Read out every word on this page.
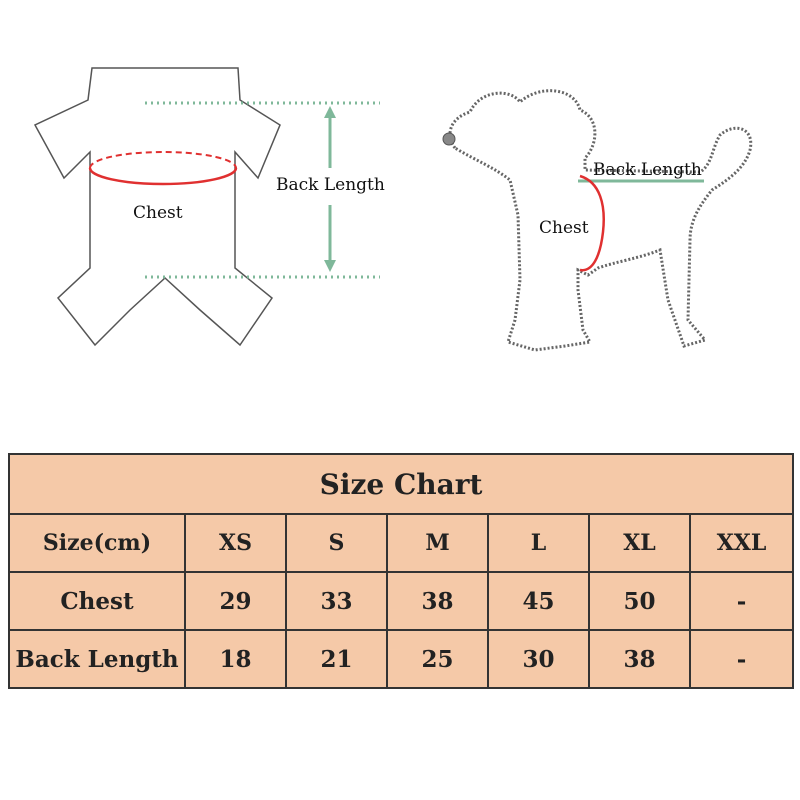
Chest
Back Length
Back Length
Chest
Size Chart						
Size(cm)	XS	S	M	L	XL	XXL
Chest	29	33	38	45	50	-
Back Length	18	21	25	30	38	-
